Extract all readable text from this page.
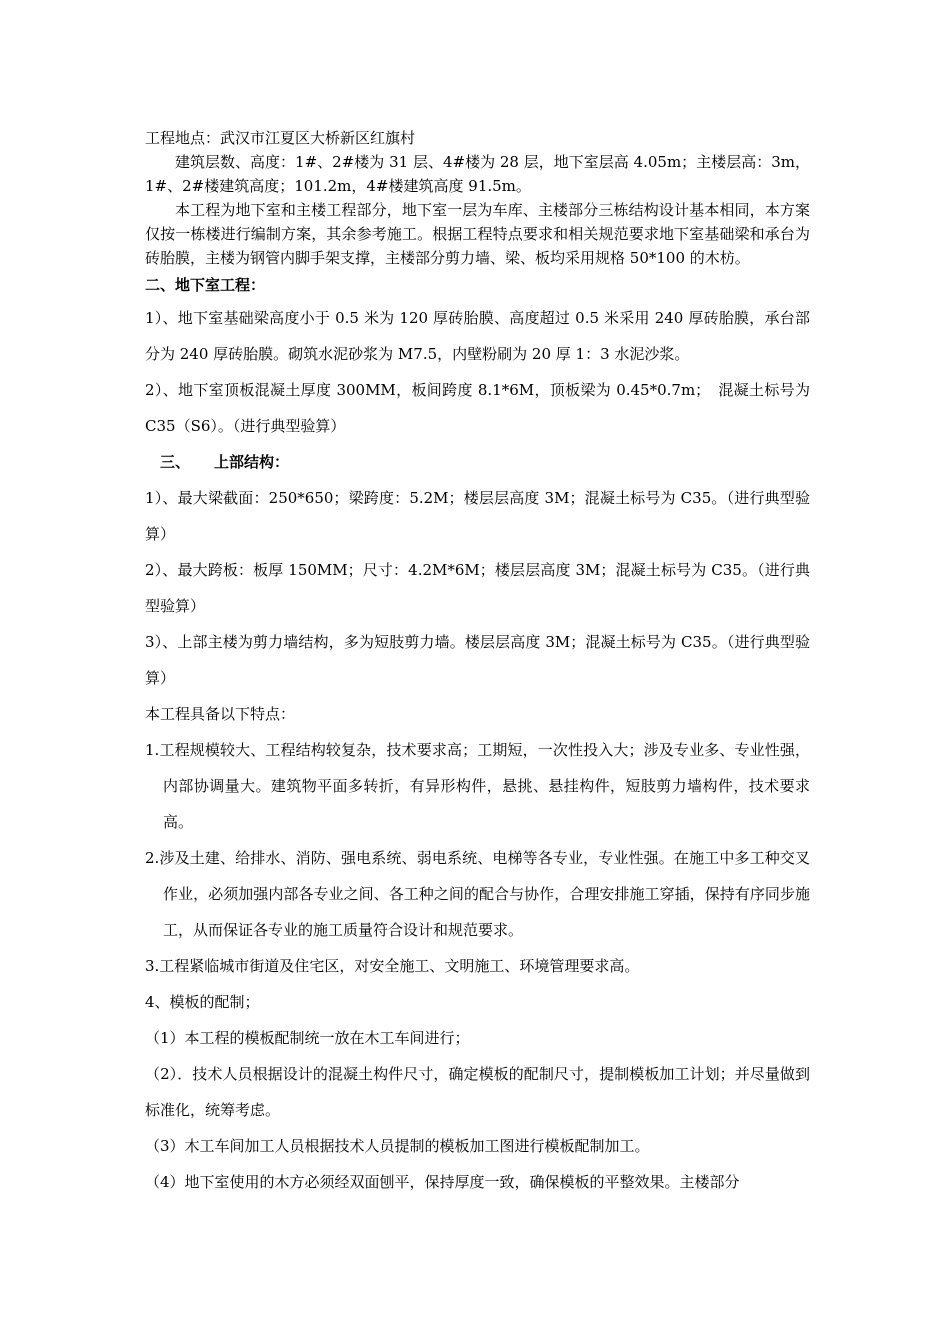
工程地点：武汉市江夏区大桥新区红旗村

建筑层数、高度：1#、2#楼为 31 层、4#楼为 28 层，地下室层高 4.05m；主楼层高：3m，1#、2#楼建筑高度；101.2m，4#楼建筑高度 91.5m。

本工程为地下室和主楼工程部分，地下室一层为车库、主楼部分三栋结构设计基本相同，本方案仅按一栋楼进行编制方案，其余参考施工。根据工程特点要求和相关规范要求地下室基础梁和承台为砖胎膜，主楼为钢管内脚手架支撑，主楼部分剪力墙、梁、板均采用规格 50*100 的木枋。

二、地下室工程：

1）、地下室基础梁高度小于 0.5 米为 120 厚砖胎膜、高度超过 0.5 米采用 240 厚砖胎膜，承台部分为 240 厚砖胎膜。砌筑水泥砂浆为 M7.5，内壁粉刷为 20 厚 1：3 水泥沙浆。

2）、地下室顶板混凝土厚度 300MM，板间跨度 8.1*6M，顶板梁为 0.45*0.7m；　混凝土标号为 C35（S6）。（进行典型验算）

三、 上部结构：

1）、最大梁截面：250*650；梁跨度：5.2M；楼层层高度 3M；混凝土标号为 C35。（进行典型验算）

2）、最大跨板：板厚 150MM；尺寸：4.2M*6M；楼层层高度 3M；混凝土标号为 C35。（进行典型验算）

3）、上部主楼为剪力墙结构，多为短肢剪力墙。楼层层高度 3M；混凝土标号为 C35。（进行典型验算）

本工程具备以下特点：

1.工程规模较大、工程结构较复杂，技术要求高；工期短，一次性投入大；涉及专业多、专业性强，内部协调量大。建筑物平面多转折，有异形构件，悬挑、悬挂构件，短肢剪力墙构件，技术要求高。

2.涉及土建、给排水、消防、强电系统、弱电系统、电梯等各专业，专业性强。在施工中多工种交叉作业，必须加强内部各专业之间、各工种之间的配合与协作，合理安排施工穿插，保持有序同步施工，从而保证各专业的施工质量符合设计和规范要求。

3.工程紧临城市街道及住宅区，对安全施工、文明施工、环境管理要求高。

4、模板的配制；

（1）本工程的模板配制统一放在木工车间进行；

（2）．技术人员根据设计的混凝土构件尺寸，确定模板的配制尺寸，提制模板加工计划；并尽量做到标准化，统筹考虑。

（3）木工车间加工人员根据技术人员提制的模板加工图进行模板配制加工。

（4）地下室使用的木方必须经双面刨平，保持厚度一致，确保模板的平整效果。主楼部分
